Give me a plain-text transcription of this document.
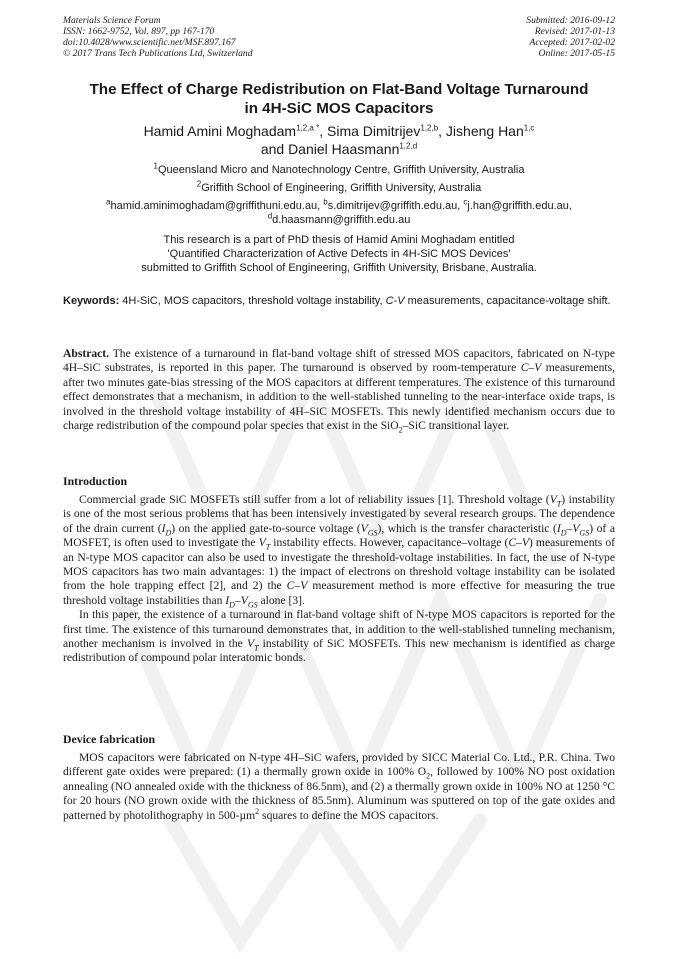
Materials Science Forum
ISSN: 1662-9752, Vol. 897, pp 167-170
doi:10.4028/www.scientific.net/MSF.897.167
© 2017 Trans Tech Publications Ltd, Switzerland
Submitted: 2016-09-12
Revised: 2017-01-13
Accepted: 2017-02-02
Online: 2017-05-15
The Effect of Charge Redistribution on Flat-Band Voltage Turnaround
in 4H-SiC MOS Capacitors
Hamid Amini Moghadam$^{1,2,a *}$, Sima Dimitrijev$^{1,2,b}$, Jisheng Han$^{1,c}$
and Daniel Haasmann$^{1,2,d}$
$^1$Queensland Micro and Nanotechnology Centre, Griffith University, Australia
$^2$Griffith School of Engineering, Griffith University, Australia
$^a$hamid.aminimoghadam@griffithuni.edu.au, $^b$s.dimitrijev@griffith.edu.au, $^c$j.han@griffith.edu.au,
$^d$d.haasmann@griffith.edu.au
This research is a part of PhD thesis of Hamid Amini Moghadam entitled
'Quantified Characterization of Active Defects in 4H-SiC MOS Devices'
submitted to Griffith School of Engineering, Griffith University, Brisbane, Australia.
Keywords: 4H-SiC, MOS capacitors, threshold voltage instability, C-V measurements, capacitance-voltage shift.

Abstract. The existence of a turnaround in flat-band voltage shift of stressed MOS capacitors, fabricated on N-type 4H–SiC substrates, is reported in this paper. The turnaround is observed by room-temperature C–V measurements, after two minutes gate-bias stressing of the MOS capacitors at different temperatures. The existence of this turnaround effect demonstrates that a mechanism, in addition to the well-stablished tunneling to the near-interface oxide traps, is involved in the threshold voltage instability of 4H–SiC MOSFETs. This newly identified mechanism occurs due to charge redistribution of the compound polar species that exist in the SiO$_2$–SiC transitional layer.

Introduction

Commercial grade SiC MOSFETs still suffer from a lot of reliability issues [1]. Threshold voltage $(V_T)$ instability is one of the most serious problems that has been intensively investigated by several research groups. The dependence of the drain current $(I_D)$ on the applied gate-to-source voltage $(V_{GS})$, which is the transfer characteristic $(I_D-V_{GS})$ of a MOSFET, is often used to investigate the $V_T$ instability effects. However, capacitance–voltage (C–V) measurements of an N-type MOS capacitor can also be used to investigate the threshold-voltage instabilities. In fact, the use of N-type MOS capacitors has two main advantages: 1) the impact of electrons on threshold voltage instability can be isolated from the hole trapping effect [2], and 2) the C–V measurement method is more effective for measuring the true threshold voltage instabilities than $I_D-V_{GS}$ alone [3].

In this paper, the existence of a turnaround in flat-band voltage shift of N-type MOS capacitors is reported for the first time. The existence of this turnaround demonstrates that, in addition to the well-stablished tunneling mechanism, another mechanism is involved in the $V_T$ instability of SiC MOSFETs. This new mechanism is identified as charge redistribution of compound polar interatomic bonds.

Device fabrication

MOS capacitors were fabricated on N-type 4H–SiC wafers, provided by SICC Material Co. Ltd., P.R. China. Two different gate oxides were prepared: (1) a thermally grown oxide in 100% $O_2$, followed by 100% NO post oxidation annealing (NO annealed oxide with the thickness of 86.5nm), and (2) a thermally grown oxide in 100% NO at 1250 °C for 20 hours (NO grown oxide with the thickness of 85.5nm). Aluminum was sputtered on top of the gate oxides and patterned by photolithography in 500-µm$^2$ squares to define the MOS capacitors.
